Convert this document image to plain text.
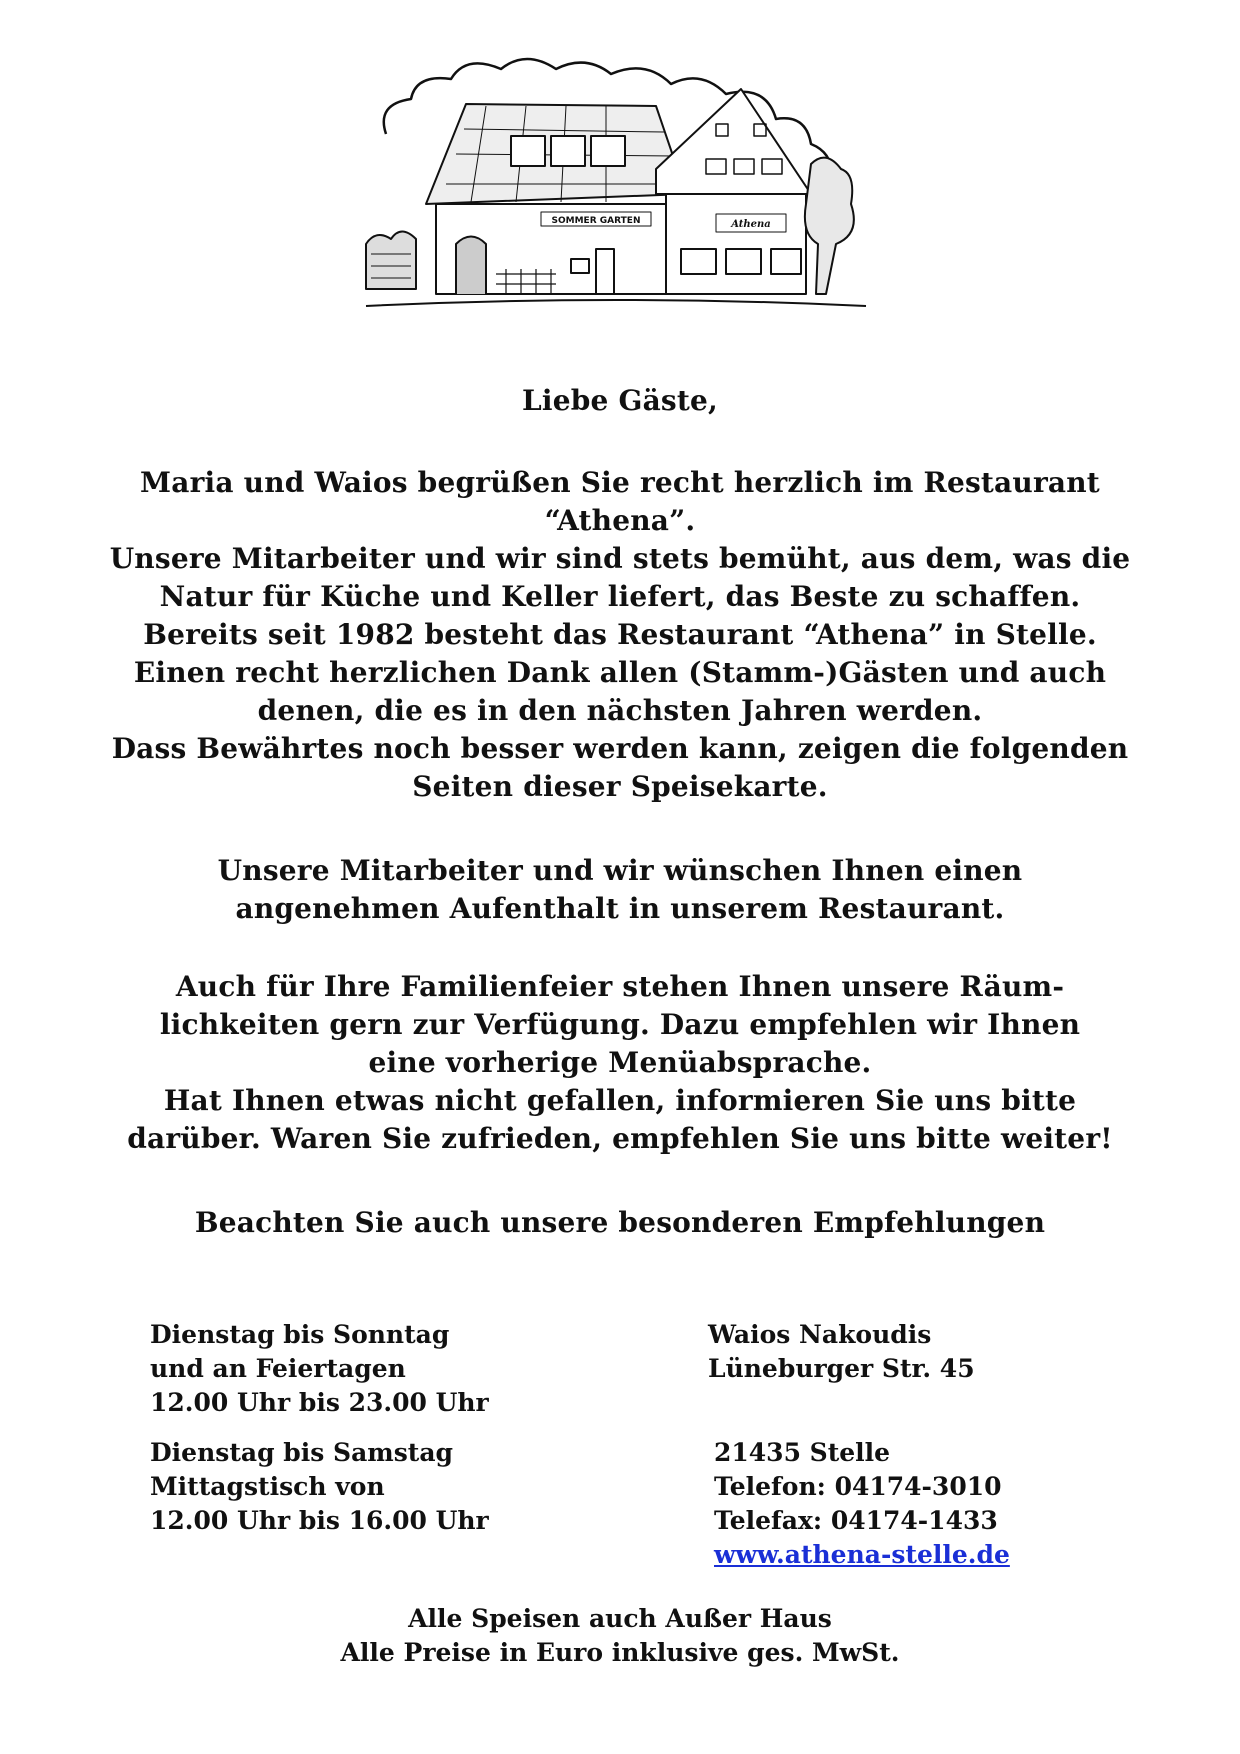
SOMMER GARTEN	Athena
Liebe Gäste,
Maria und Waios begrüßen Sie recht herzlich im Restaurant
“Athena”.
Unsere Mitarbeiter und wir sind stets bemüht, aus dem, was die
Natur für Küche und Keller liefert, das Beste zu schaffen.
Bereits seit 1982 besteht das Restaurant “Athena” in Stelle.
Einen recht herzlichen Dank allen (Stamm-)Gästen und auch
denen, die es in den nächsten Jahren werden.
Dass Bewährtes noch besser werden kann, zeigen die folgenden
Seiten dieser Speisekarte.
Unsere Mitarbeiter und wir wünschen Ihnen einen
angenehmen Aufenthalt in unserem Restaurant.
Auch für Ihre Familienfeier stehen Ihnen unsere Räum-
lichkeiten gern zur Verfügung. Dazu empfehlen wir Ihnen
eine vorherige Menüabsprache.
Hat Ihnen etwas nicht gefallen, informieren Sie uns bitte
darüber. Waren Sie zufrieden, empfehlen Sie uns bitte weiter!
Beachten Sie auch unsere besonderen Empfehlungen
Dienstag bis Sonntag
und an Feiertagen
12.00 Uhr bis 23.00 Uhr
Dienstag bis Samstag
Mittagstisch von
12.00 Uhr bis 16.00 Uhr
Waios Nakoudis
Lüneburger Str. 45
21435 Stelle
Telefon: 04174-3010
Telefax: 04174-1433
www.athena-stelle.de
Alle Speisen auch Außer Haus
Alle Preise in Euro inklusive ges. MwSt.
